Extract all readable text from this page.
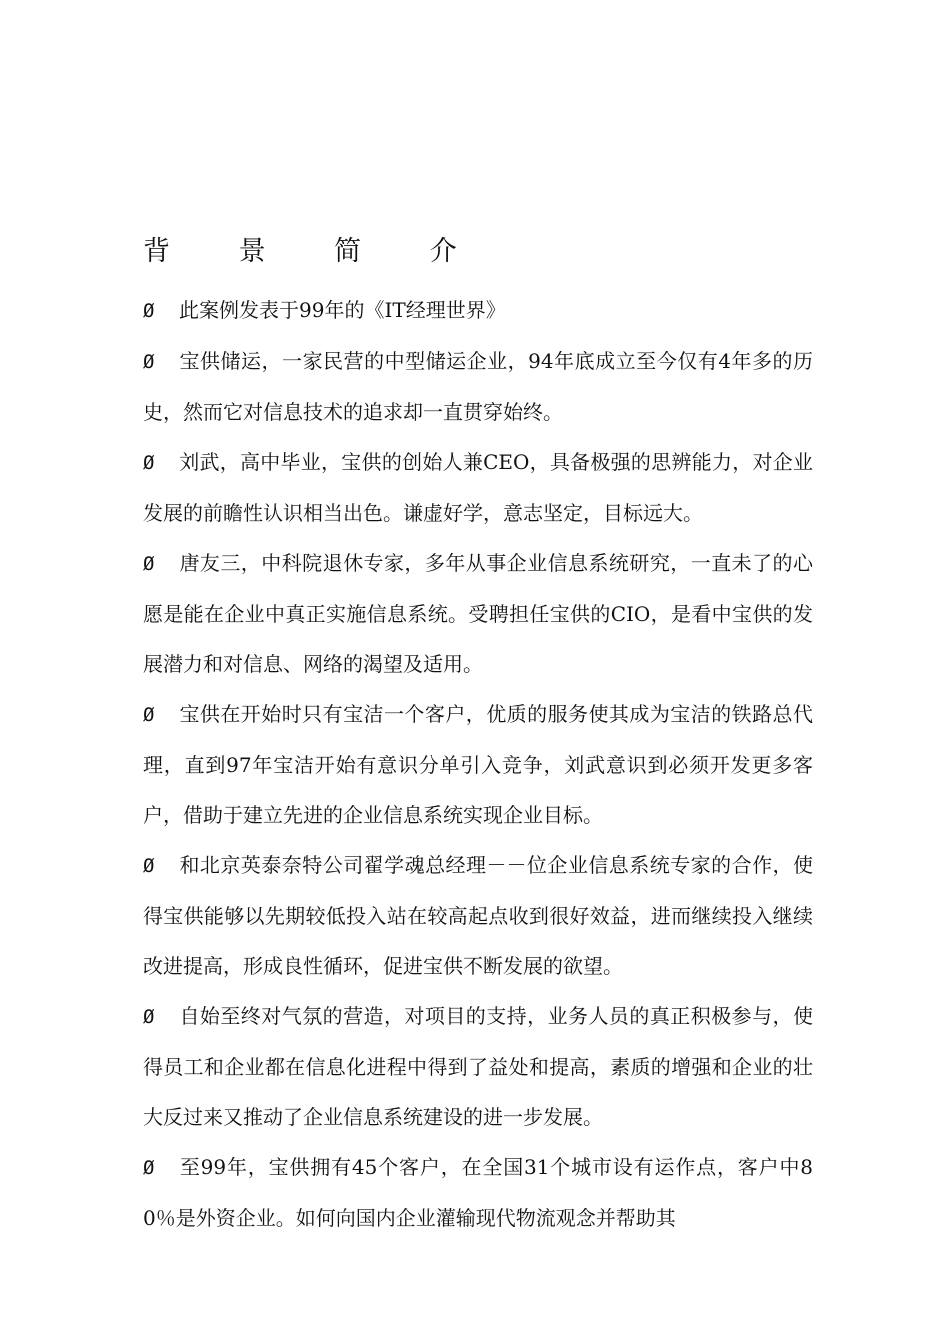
背 景 简 介

Ø 此案例发表于99年的《IT经理世界》

Ø 宝供储运，一家民营的中型储运企业，94年底成立至今仅有4年多的历史，然而它对信息技术的追求却一直贯穿始终。

Ø 刘武，高中毕业，宝供的创始人兼CEO，具备极强的思辨能力，对企业发展的前瞻性认识相当出色。谦虚好学，意志坚定，目标远大。

Ø 唐友三，中科院退休专家，多年从事企业信息系统研究，一直未了的心愿是能在企业中真正实施信息系统。受聘担任宝供的CIO，是看中宝供的发展潜力和对信息、网络的渴望及适用。

Ø 宝供在开始时只有宝洁一个客户，优质的服务使其成为宝洁的铁路总代理，直到97年宝洁开始有意识分单引入竞争，刘武意识到必须开发更多客户，借助于建立先进的企业信息系统实现企业目标。

Ø 和北京英泰奈特公司翟学魂总经理－－位企业信息系统专家的合作，使得宝供能够以先期较低投入站在较高起点收到很好效益，进而继续投入继续改进提高，形成良性循环，促进宝供不断发展的欲望。

Ø 自始至终对气氛的营造，对项目的支持，业务人员的真正积极参与，使得员工和企业都在信息化进程中得到了益处和提高，素质的增强和企业的壮大反过来又推动了企业信息系统建设的进一步发展。

Ø 至99年，宝供拥有45个客户，在全国31个城市设有运作点，客户中80％是外资企业。如何向国内企业灌输现代物流观念并帮助其
